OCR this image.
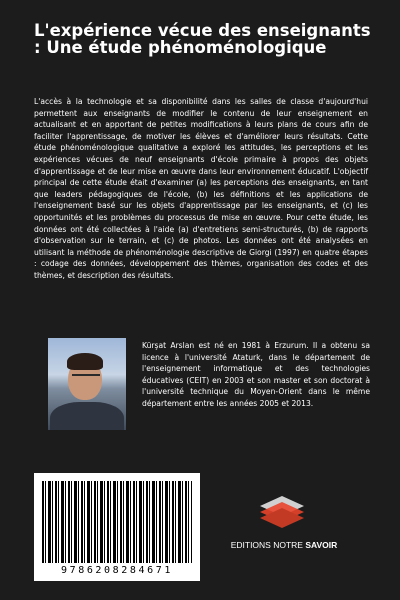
L'expérience vécue des enseignants : Une étude phénoménologique

L'accès à la technologie et sa disponibilité dans les salles de classe d'aujourd'hui permettent aux enseignants de modifier le contenu de leur enseignement en actualisant et en apportant de petites modifications à leurs plans de cours afin de faciliter l'apprentissage, de motiver les élèves et d'améliorer leurs résultats. Cette étude phénoménologique qualitative a exploré les attitudes, les perceptions et les expériences vécues de neuf enseignants d'école primaire à propos des objets d'apprentissage et de leur mise en œuvre dans leur environnement éducatif. L'objectif principal de cette étude était d'examiner (a) les perceptions des enseignants, en tant que leaders pédagogiques de l'école, (b) les définitions et les applications de l'enseignement basé sur les objets d'apprentissage par les enseignants, et (c) les opportunités et les problèmes du processus de mise en œuvre. Pour cette étude, les données ont été collectées à l'aide (a) d'entretiens semi-structurés, (b) de rapports d'observation sur le terrain, et (c) de photos. Les données ont été analysées en utilisant la méthode de phénoménologie descriptive de Giorgi (1997) en quatre étapes : codage des données, développement des thèmes, organisation des codes et des thèmes, et description des résultats.

Kürşat Arslan est né en 1981 à Erzurum. Il a obtenu sa licence à l'université Ataturk, dans le département de l'enseignement informatique et des technologies éducatives (CEIT) en 2003 et son master et son doctorat à l'université technique du Moyen-Orient dans le même département entre les années 2005 et 2013.

9786208284671
EDITIONS NOTRE SAVOIR
